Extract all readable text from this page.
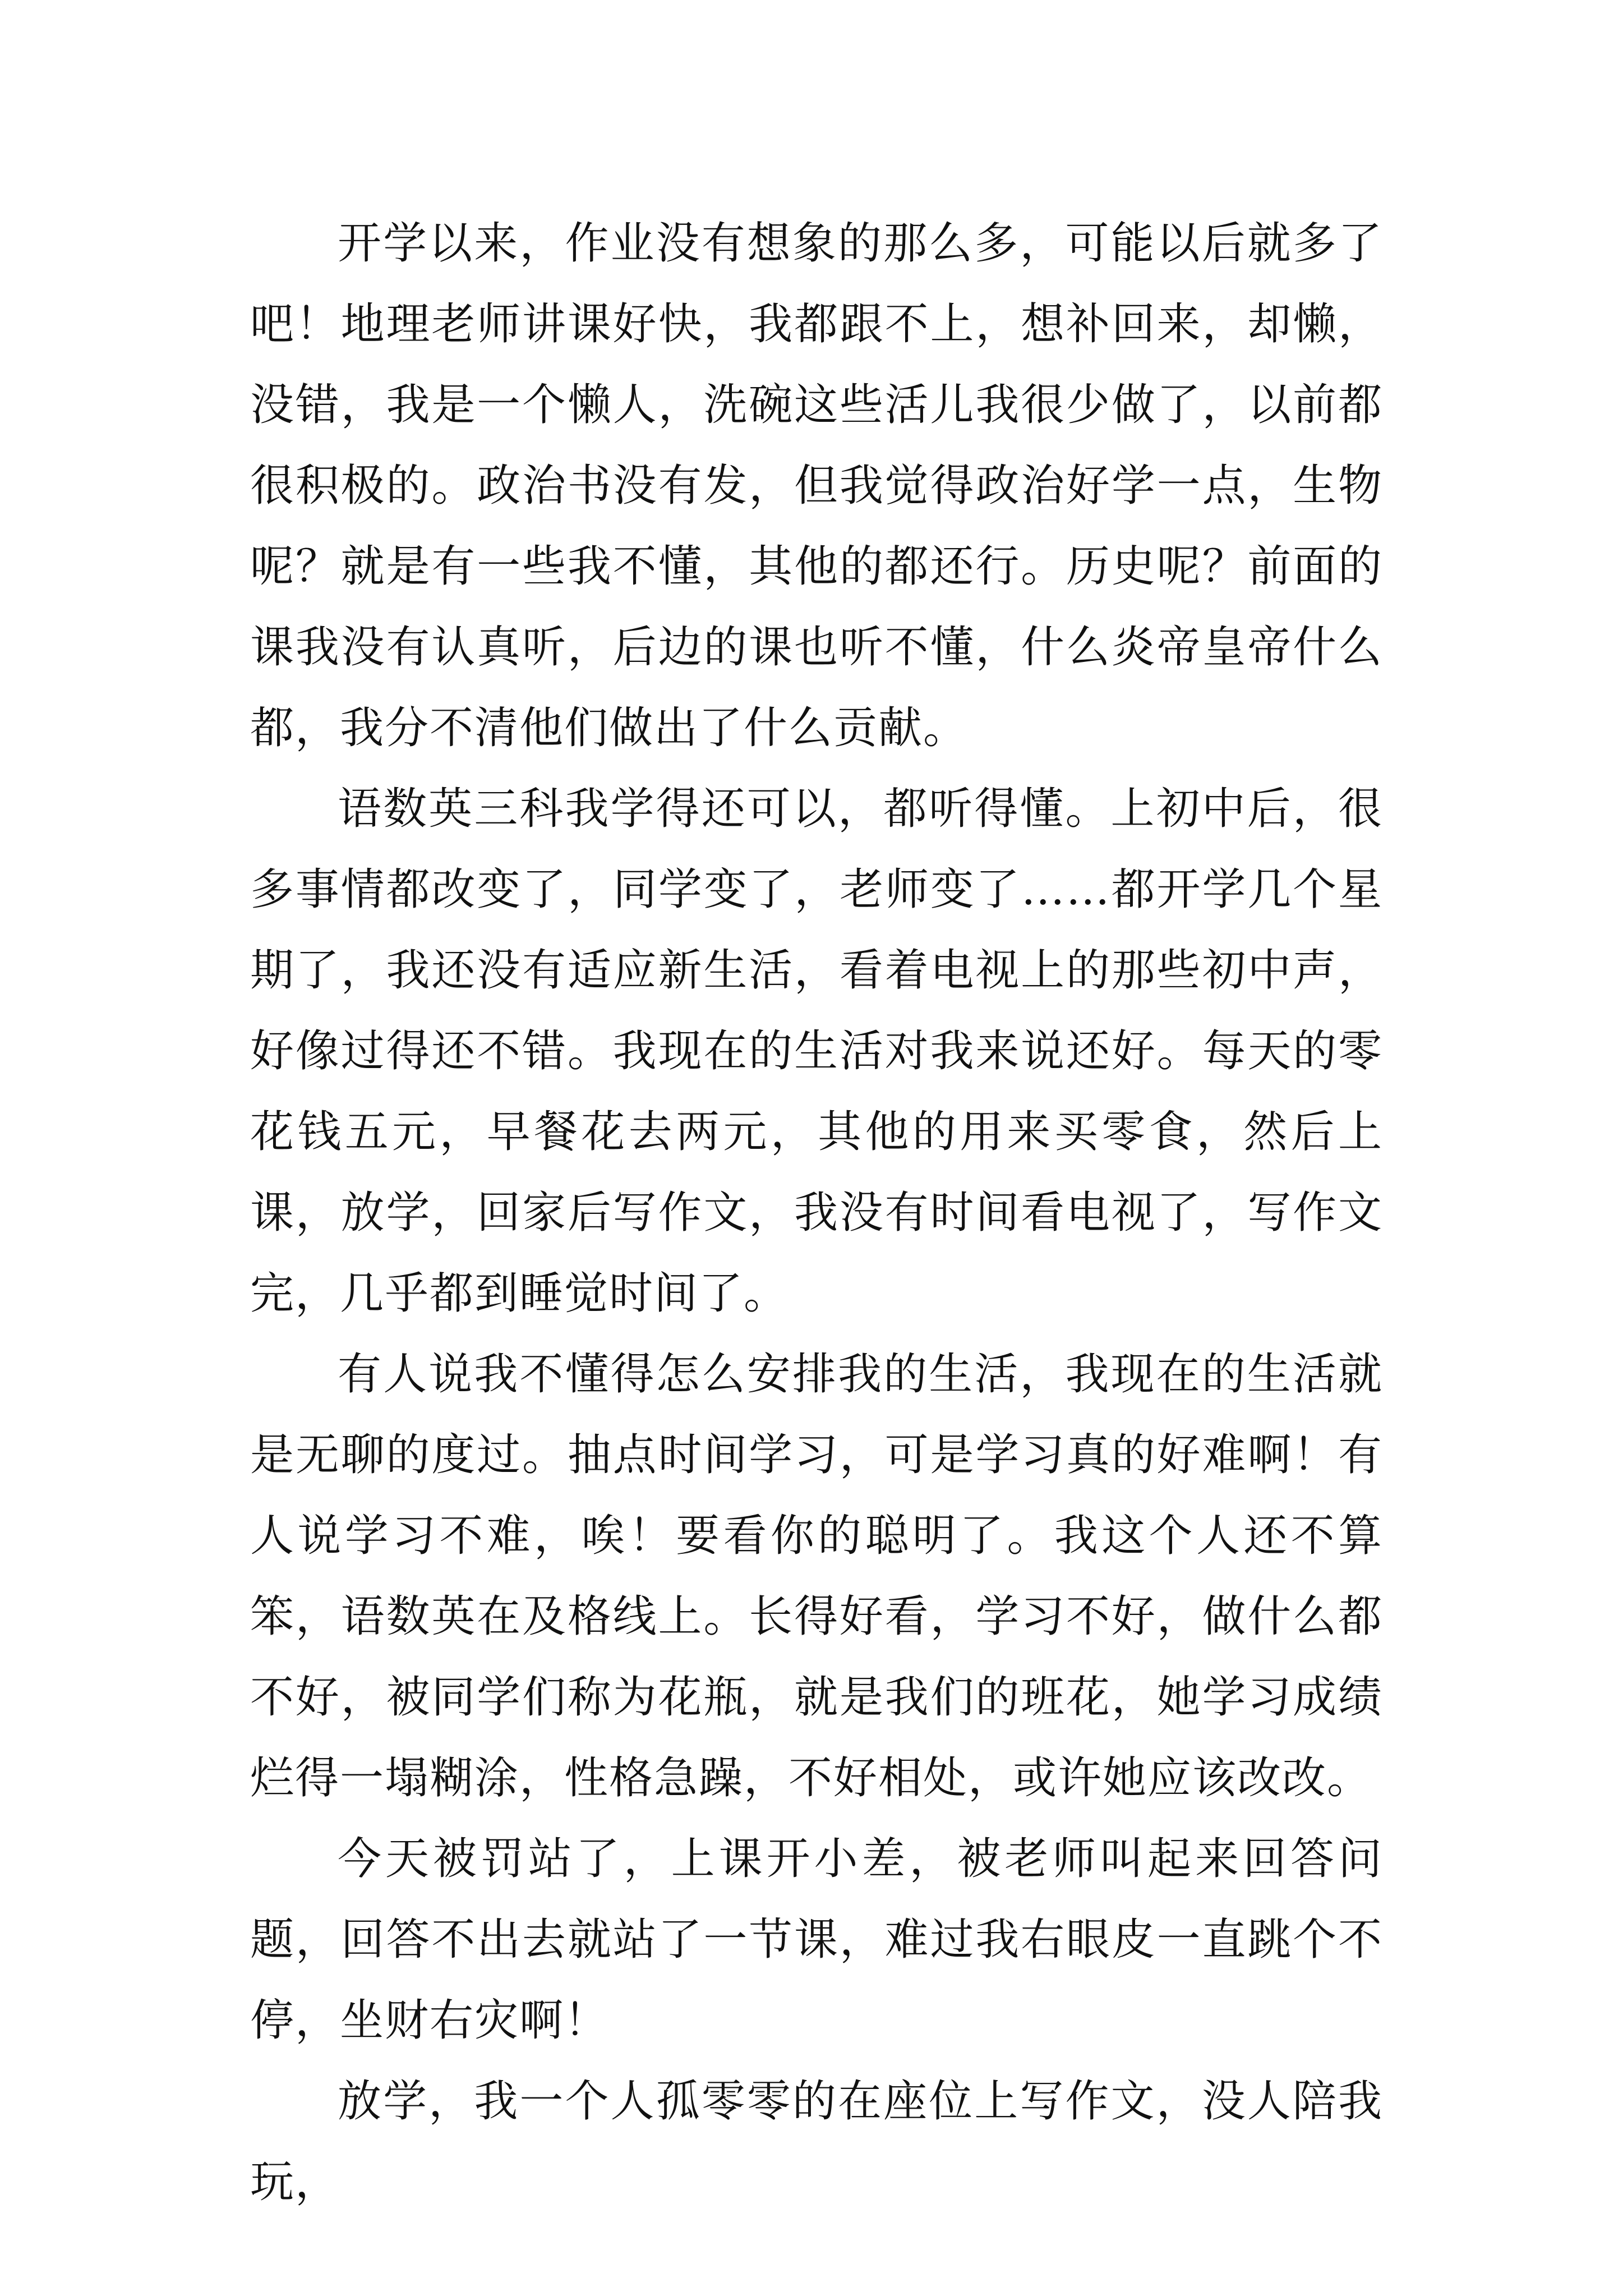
开学以来，作业没有想象的那么多，可能以后就多了吧！地理老师讲课好快，我都跟不上，想补回来，却懒，没错，我是一个懒人，洗碗这些活儿我很少做了，以前都很积极的。政治书没有发，但我觉得政治好学一点，生物呢？就是有一些我不懂，其他的都还行。历史呢？前面的课我没有认真听，后边的课也听不懂，什么炎帝皇帝什么都，我分不清他们做出了什么贡献。

语数英三科我学得还可以，都听得懂。上初中后，很多事情都改变了，同学变了，老师变了……都开学几个星期了，我还没有适应新生活，看着电视上的那些初中声，好像过得还不错。我现在的生活对我来说还好。每天的零花钱五元，早餐花去两元，其他的用来买零食，然后上课，放学，回家后写作文，我没有时间看电视了，写作文完，几乎都到睡觉时间了。

有人说我不懂得怎么安排我的生活，我现在的生活就是无聊的度过。抽点时间学习，可是学习真的好难啊！有人说学习不难，唉！要看你的聪明了。我这个人还不算笨，语数英在及格线上。长得好看，学习不好，做什么都不好，被同学们称为花瓶，就是我们的班花，她学习成绩烂得一塌糊涂，性格急躁，不好相处，或许她应该改改。

今天被罚站了，上课开小差，被老师叫起来回答问题，回答不出去就站了一节课，难过我右眼皮一直跳个不停，坐财右灾啊！

放学，我一个人孤零零的在座位上写作文，没人陪我玩，
